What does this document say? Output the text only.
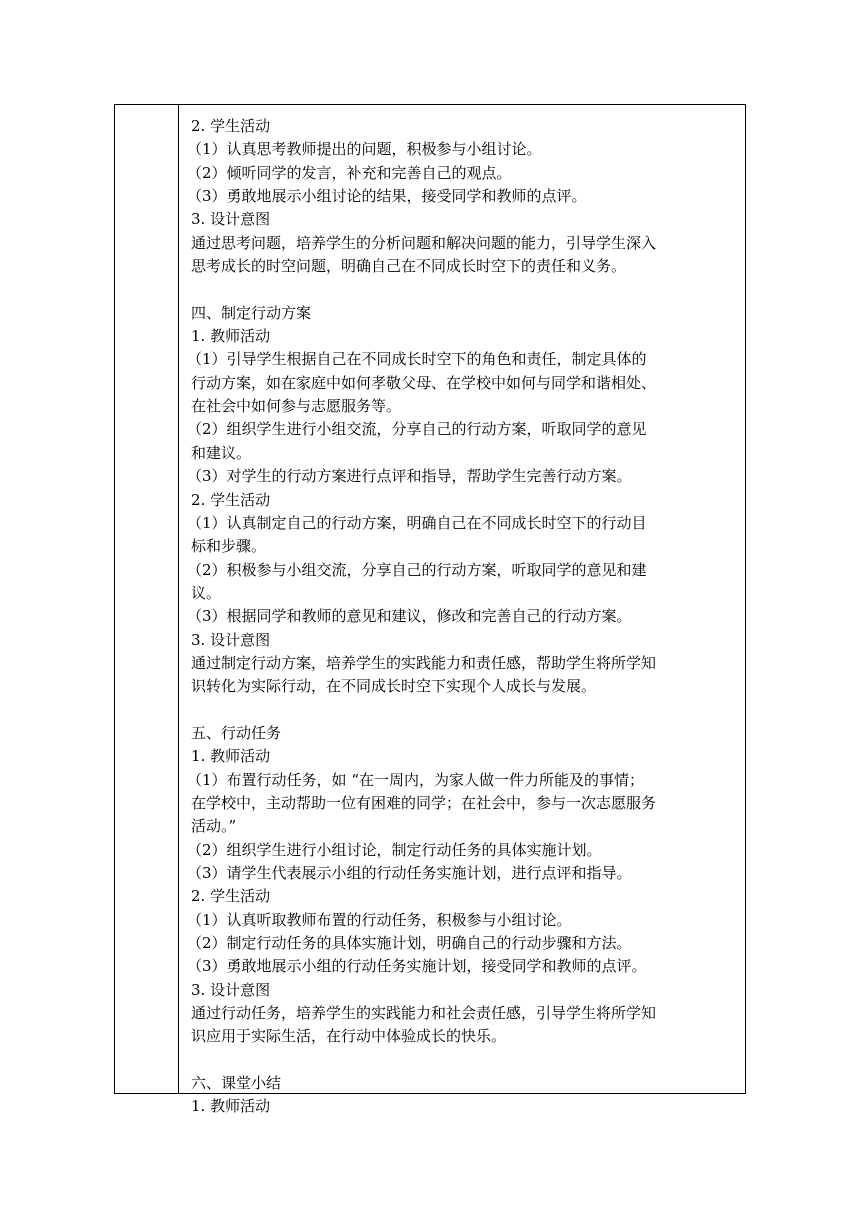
2. 学生活动
（1）认真思考教师提出的问题，积极参与小组讨论。
（2）倾听同学的发言，补充和完善自己的观点。
（3）勇敢地展示小组讨论的结果，接受同学和教师的点评。
3. 设计意图
通过思考问题，培养学生的分析问题和解决问题的能力，引导学生深入
思考成长的时空问题，明确自己在不同成长时空下的责任和义务。
四、制定行动方案
1. 教师活动
（1）引导学生根据自己在不同成长时空下的角色和责任，制定具体的
行动方案，如在家庭中如何孝敬父母、在学校中如何与同学和谐相处、
在社会中如何参与志愿服务等。
（2）组织学生进行小组交流，分享自己的行动方案，听取同学的意见
和建议。
（3）对学生的行动方案进行点评和指导，帮助学生完善行动方案。
2. 学生活动
（1）认真制定自己的行动方案，明确自己在不同成长时空下的行动目
标和步骤。
（2）积极参与小组交流，分享自己的行动方案，听取同学的意见和建
议。
（3）根据同学和教师的意见和建议，修改和完善自己的行动方案。
3. 设计意图
通过制定行动方案，培养学生的实践能力和责任感，帮助学生将所学知
识转化为实际行动，在不同成长时空下实现个人成长与发展。
五、行动任务
1. 教师活动
（1）布置行动任务，如 “在一周内，为家人做一件力所能及的事情；
在学校中，主动帮助一位有困难的同学；在社会中，参与一次志愿服务
活动。”
（2）组织学生进行小组讨论，制定行动任务的具体实施计划。
（3）请学生代表展示小组的行动任务实施计划，进行点评和指导。
2. 学生活动
（1）认真听取教师布置的行动任务，积极参与小组讨论。
（2）制定行动任务的具体实施计划，明确自己的行动步骤和方法。
（3）勇敢地展示小组的行动任务实施计划，接受同学和教师的点评。
3. 设计意图
通过行动任务，培养学生的实践能力和社会责任感，引导学生将所学知
识应用于实际生活，在行动中体验成长的快乐。
六、课堂小结
1. 教师活动
